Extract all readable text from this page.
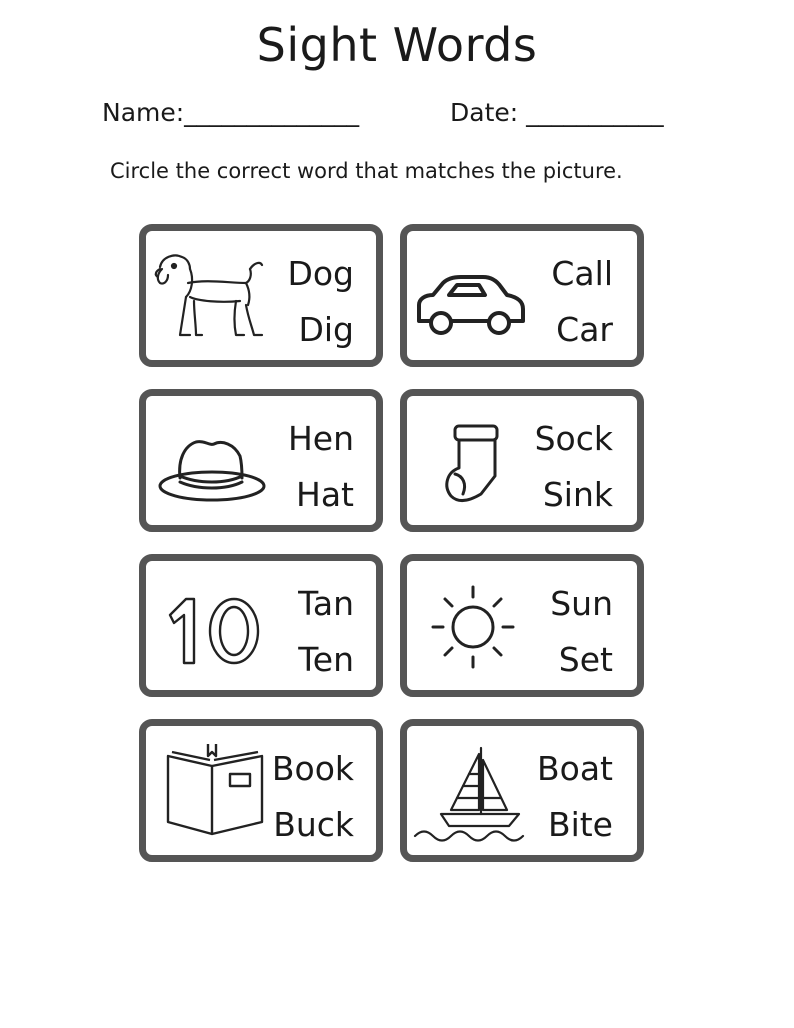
Sight Words
Name:______________	Date: ___________
Circle the correct word that matches the picture.
Dog
Dig
Call
Car
Hen
Hat
Sock
Sink
Tan
Ten
Sun
Set
Book
Buck
Boat
Bite
